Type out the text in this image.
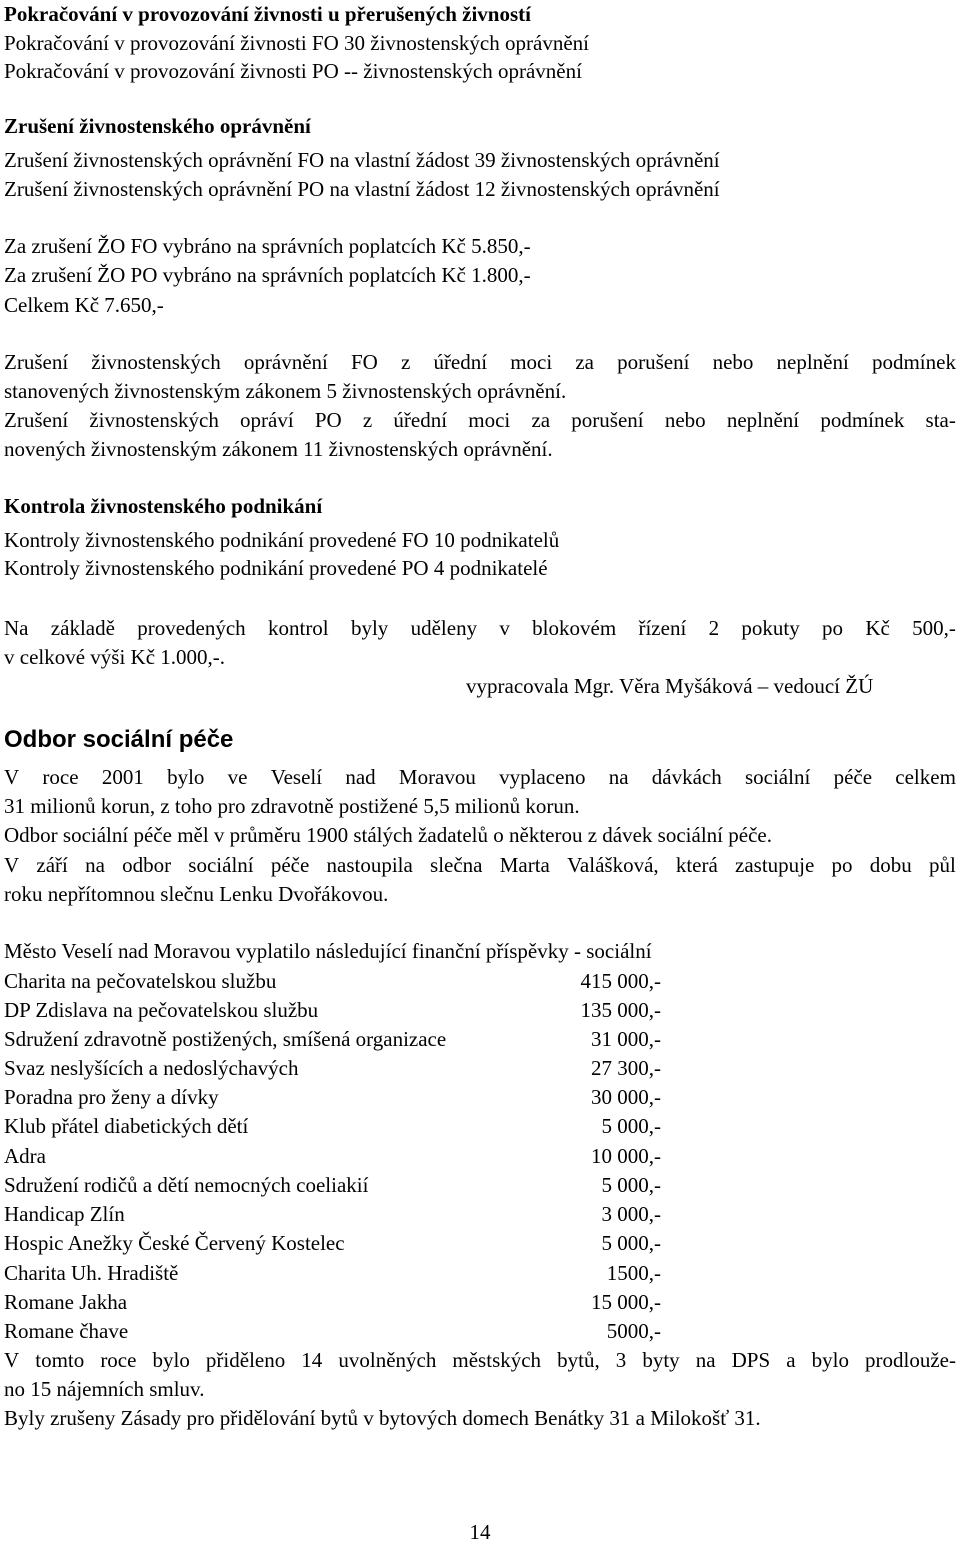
Pokračování v provozování živnosti u přerušených živností
Pokračování v provozování živnosti FO 30 živnostenských oprávnění
Pokračování v provozování živnosti PO -- živnostenských oprávnění
Zrušení živnostenského oprávnění
Zrušení živnostenských oprávnění FO na vlastní žádost 39 živnostenských oprávnění
Zrušení živnostenských oprávnění PO na vlastní žádost 12 živnostenských oprávnění
Za zrušení ŽO FO vybráno na správních poplatcích Kč 5.850,-
Za zrušení ŽO PO vybráno na správních poplatcích Kč 1.800,-
Celkem Kč 7.650,-
Zrušení živnostenských oprávnění FO z úřední moci za porušení nebo neplnění podmínek
stanovených živnostenským zákonem 5 živnostenských oprávnění.
Zrušení živnostenských opráví PO z úřední moci za porušení nebo neplnění podmínek sta-
novených živnostenským zákonem 11 živnostenských oprávnění.
Kontrola živnostenského podnikání
Kontroly živnostenského podnikání provedené FO 10 podnikatelů
Kontroly živnostenského podnikání provedené PO 4 podnikatelé
Na základě provedených kontrol byly uděleny v blokovém řízení 2 pokuty po Kč 500,-
v celkové výši Kč 1.000,-.
vypracovala Mgr. Věra Myšáková – vedoucí ŽÚ
Odbor sociální péče
V roce 2001 bylo ve Veselí nad Moravou vyplaceno na dávkách sociální péče celkem
31 milionů korun, z toho pro zdravotně postižené 5,5 milionů korun.
Odbor sociální péče měl v průměru 1900 stálých žadatelů o některou z dávek sociální péče.
V září na odbor sociální péče nastoupila slečna Marta Valášková, která zastupuje po dobu půl
roku nepřítomnou slečnu Lenku Dvořákovou.
Město Veselí nad Moravou vyplatilo následující finanční příspěvky - sociální
Charita na pečovatelskou službu	415 000,-
DP Zdislava na pečovatelskou službu	135 000,-
Sdružení zdravotně postižených, smíšená organizace	31 000,-
Svaz neslyšících a nedoslýchavých	27 300,-
Poradna pro ženy a dívky	30 000,-
Klub přátel diabetických dětí	5 000,-
Adra	10 000,-
Sdružení rodičů a dětí nemocných coeliakií	5 000,-
Handicap Zlín	3 000,-
Hospic Anežky České Červený Kostelec	5 000,-
Charita Uh. Hradiště	1500,-
Romane Jakha	15 000,-
Romane čhave	5000,-
V tomto roce bylo přiděleno 14 uvolněných městských bytů, 3 byty na DPS a bylo prodlouže-
no 15 nájemních smluv.
Byly zrušeny Zásady pro přidělování bytů v bytových domech Benátky 31 a Milokošť 31.
14
